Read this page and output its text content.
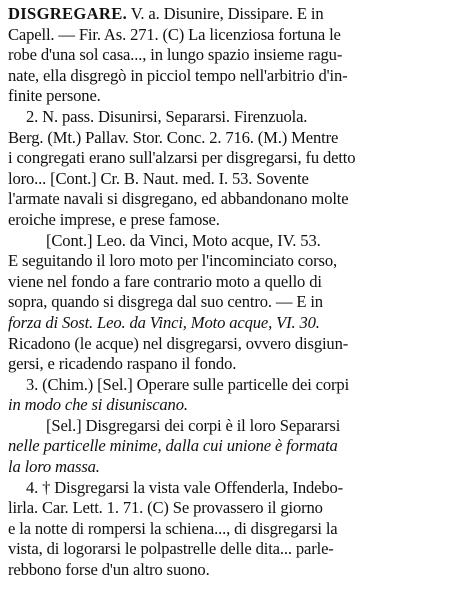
DISGREGARE. V. a. Disunire, Dissipare. E in
Capell. — Fir. As. 271. (C) La licenziosa fortuna le
robe d'una sol casa..., in lungo spazio insieme ragu-
nate, ella disgregò in picciol tempo nell'arbitrio d'in-
finite persone.
2. N. pass. Disunirsi, Separarsi. Firenzuola.
Berg. (Mt.) Pallav. Stor. Conc. 2. 716. (M.) Mentre
i congregati erano sull'alzarsi per disgregarsi, fu detto
loro... [Cont.] Cr. B. Naut. med. I. 53. Sovente
l'armate navali si disgregano, ed abbandonano molte
eroiche imprese, e prese famose.
[Cont.] Leo. da Vinci, Moto acque, IV. 53.
E seguitando il loro moto per l'incominciato corso,
viene nel fondo a fare contrario moto a quello di
sopra, quando si disgrega dal suo centro. — E in
forza di Sost. Leo. da Vinci, Moto acque, VI. 30.
Ricadono (le acque) nel disgregarsi, ovvero disgiun-
gersi, e ricadendo raspano il fondo.
3. (Chim.) [Sel.] Operare sulle particelle dei corpi
in modo che si disuniscano.
[Sel.] Disgregarsi dei corpi è il loro Separarsi
nelle particelle minime, dalla cui unione è formata
la loro massa.
4. † Disgregarsi la vista vale Offenderla, Indebo-
lirla. Car. Lett. 1. 71. (C) Se provassero il giorno
e la notte di rompersi la schiena..., di disgregarsi la
vista, di logorarsi le polpastrelle delle dita... parle-
rebbono forse d'un altro suono.
